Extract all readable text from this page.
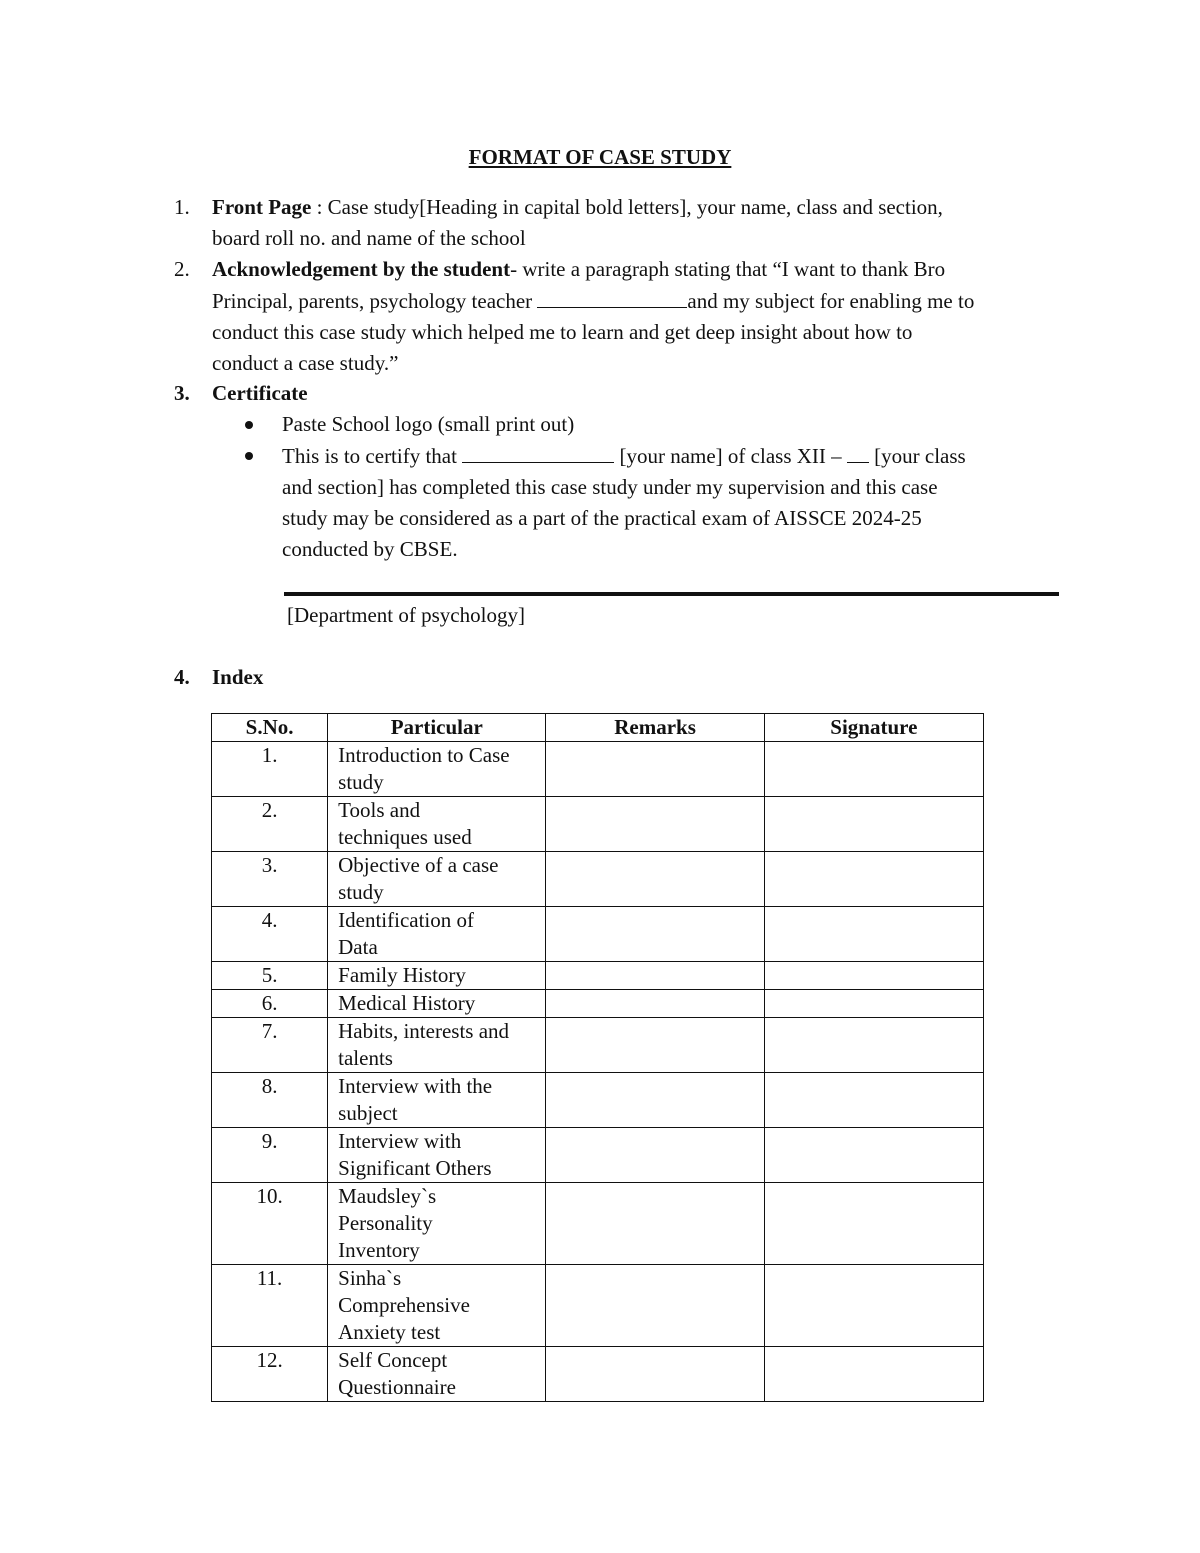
FORMAT OF CASE STUDY
1. Front Page : Case study[Heading in capital bold letters], your name, class and section,
board roll no. and name of the school
2. Acknowledgement by the student- write a paragraph stating that “I want to thank Bro
Principal, parents, psychology teacher	and my subject for enabling me to
conduct this case study which helped me to learn and get deep insight about how to
conduct a case study.”
3. Certificate
Paste School logo (small print out)
This is to certify that	[your name] of class XII –  [your class
and section] has completed this case study under my supervision and this case
study may be considered as a part of the practical exam of AISSCE 2024-25
conducted by CBSE.
[Department of psychology]
4. Index
S.No.	Particular	Remarks	Signature
1.	Introduction to Case
study		

2.	Tools and
techniques used		

3.	Objective of a case
study		

4.	Identification of
Data		

5.	Family History		

6.	Medical History		

7.	Habits, interests and
talents		

8.	Interview with the
subject		

9.	Interview with
Significant Others		

10.	Maudsley`s
Personality
Inventory		

11.	Sinha`s
Comprehensive
Anxiety test		

12.	Self Concept
Questionnaire		
